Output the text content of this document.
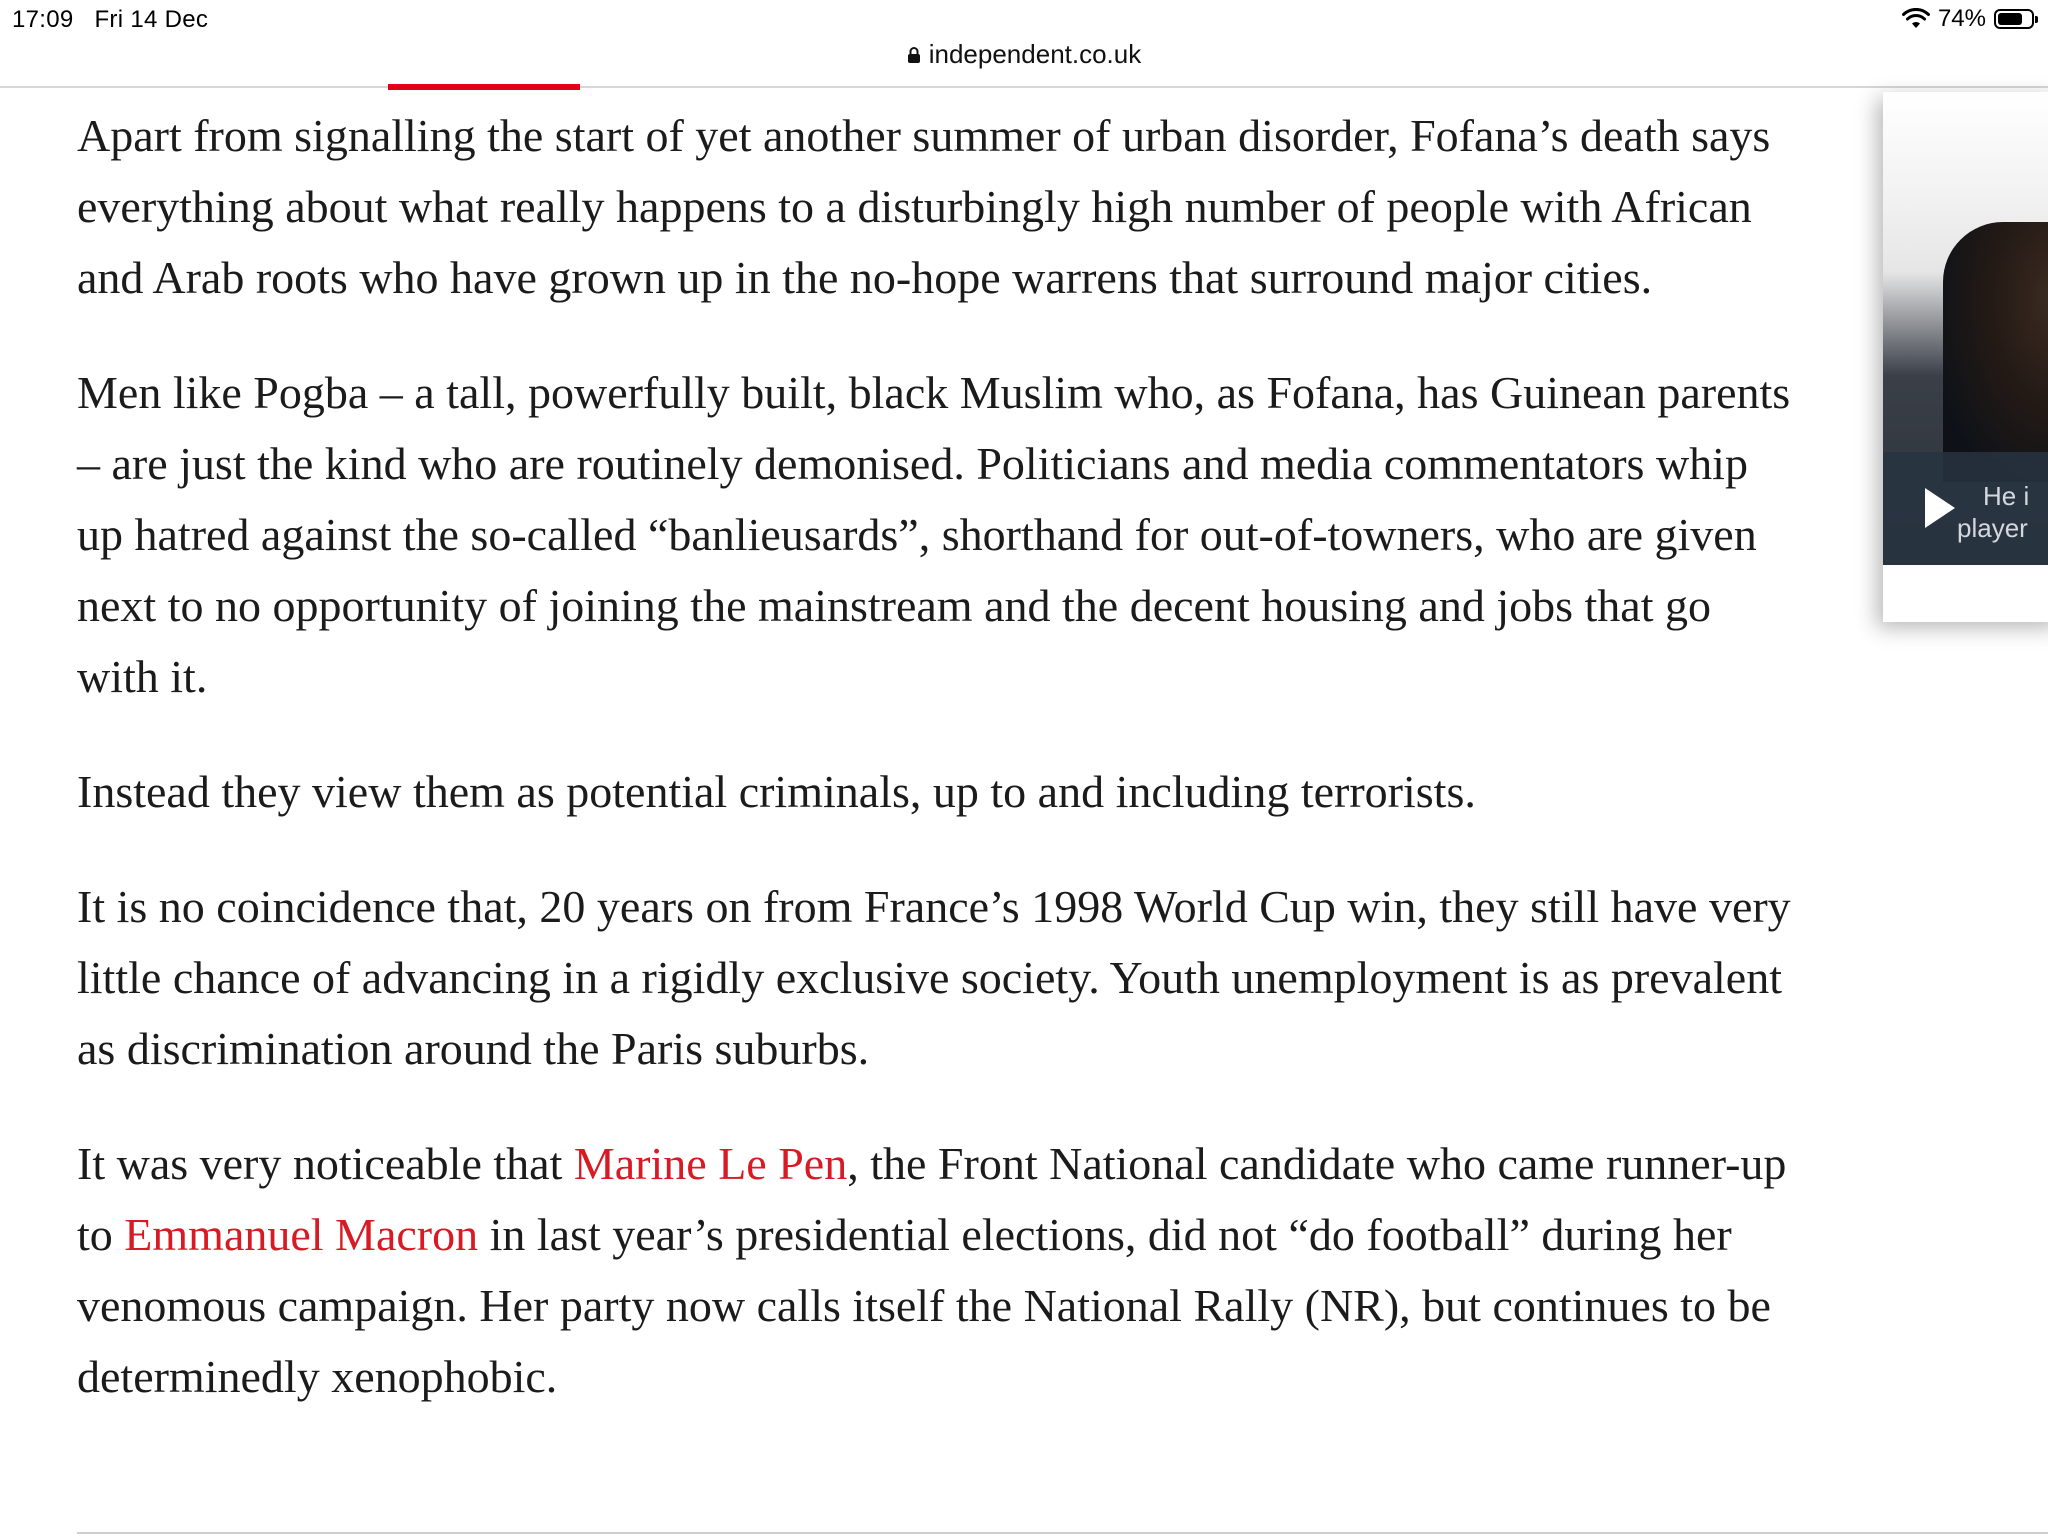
17:09 Fri 14 Dec	74%
independent.co.uk

Apart from signalling the start of yet another summer of urban disorder, Fofana’s death says everything about what really happens to a disturbingly high number of people with African and Arab roots who have grown up in the no-hope warrens that surround major cities.

Men like Pogba – a tall, powerfully built, black Muslim who, as Fofana, has Guinean parents – are just the kind who are routinely demonised. Politicians and media commentators whip up hatred against the so-called “banlieusards”, shorthand for out-of-towners, who are given next to no opportunity of joining the mainstream and the decent housing and jobs that go with it.

Instead they view them as potential criminals, up to and including terrorists.

It is no coincidence that, 20 years on from France’s 1998 World Cup win, they still have very little chance of advancing in a rigidly exclusive society. Youth unemployment is as prevalent as discrimination around the Paris suburbs.

It was very noticeable that Marine Le Pen, the Front National candidate who came runner-up to Emmanuel Macron in last year’s presidential elections, did not “do football” during her venomous campaign. Her party now calls itself the National Rally (NR), but continues to be determinedly xenophobic.

He i
player
